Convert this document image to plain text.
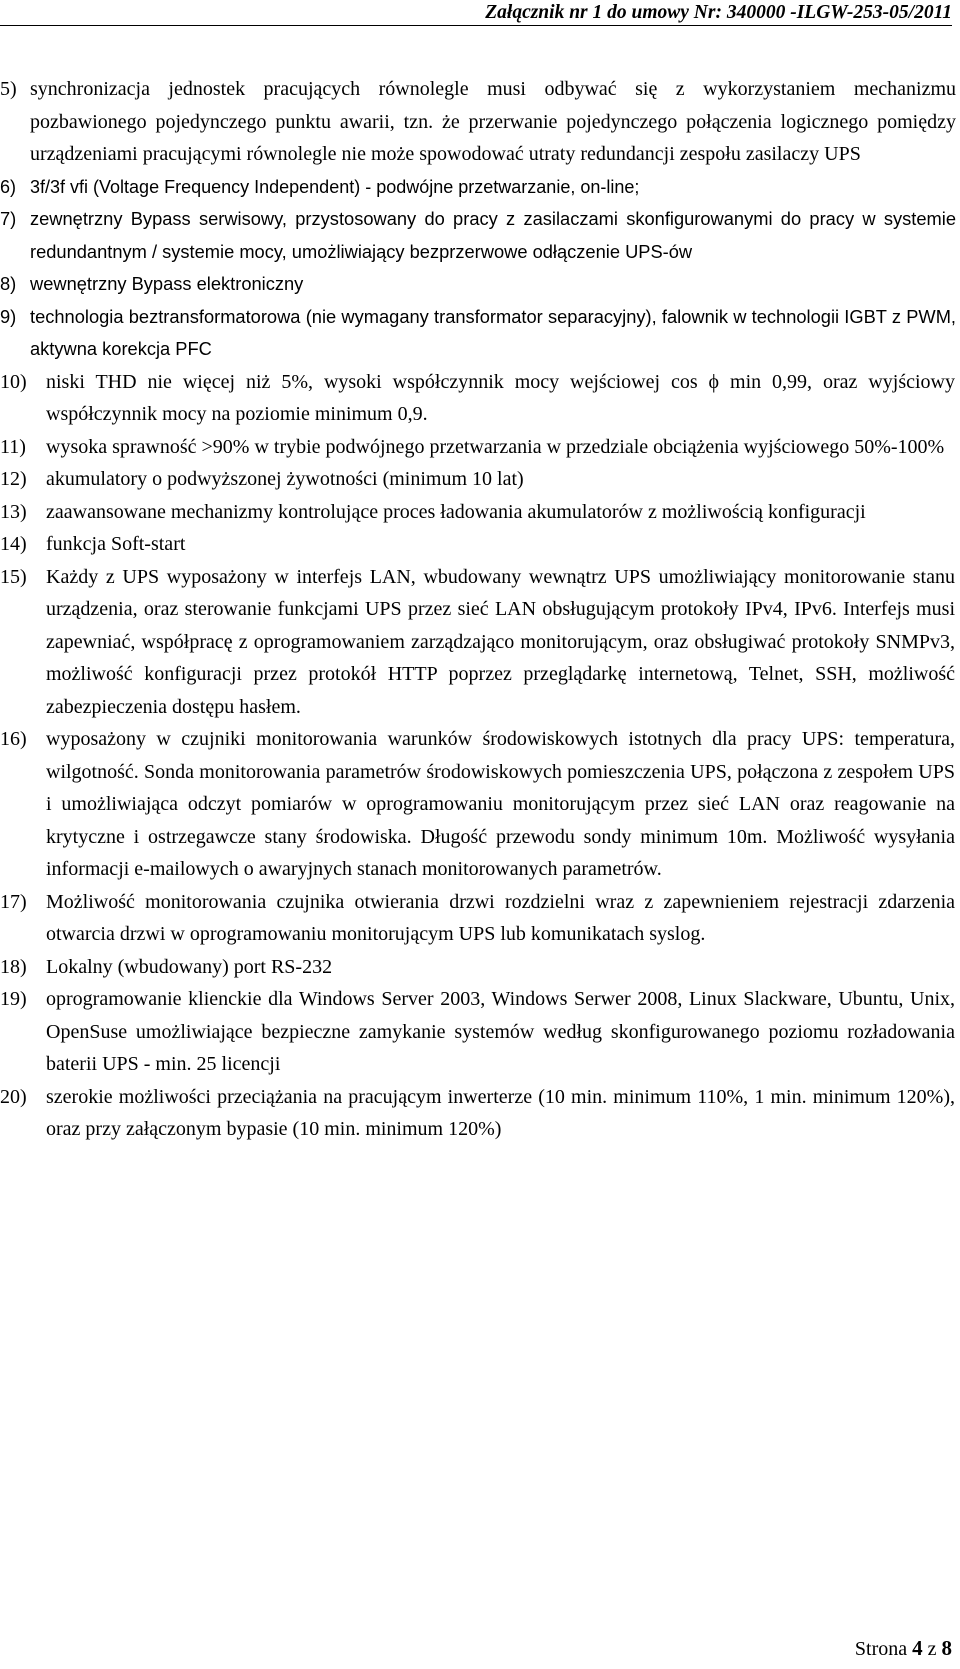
Załącznik nr 1 do umowy Nr: 340000 -ILGW-253-05/2011
5) synchronizacja jednostek pracujących równolegle musi odbywać się z wykorzystaniem mechanizmu pozbawionego pojedynczego punktu awarii, tzn. że przerwanie pojedynczego połączenia logicznego pomiędzy urządzeniami pracującymi równolegle nie może spowodować utraty redundancji zespołu zasilaczy UPS
6) 3f/3f vfi (Voltage Frequency Independent) - podwójne przetwarzanie, on-line;
7) zewnętrzny Bypass serwisowy, przystosowany do pracy z zasilaczami skonfigurowanymi do pracy w systemie redundantnym / systemie mocy, umożliwiający bezprzerwowe odłączenie UPS-ów
8) wewnętrzny Bypass elektroniczny
9) technologia beztransformatorowa (nie wymagany transformator separacyjny), falownik w technologii IGBT z PWM, aktywna korekcja PFC
10) niski THD nie więcej niż 5%, wysoki współczynnik mocy wejściowej cos ϕ min 0,99, oraz wyjściowy współczynnik mocy na poziomie minimum 0,9.
11)	wysoka sprawność >90% w trybie podwójnego przetwarzania w przedziale obciążenia wyjściowego 50%-100%
12) akumulatory o podwyższonej żywotności (minimum 10 lat)
13) zaawansowane mechanizmy kontrolujące proces ładowania akumulatorów z możliwością konfiguracji
14) funkcja Soft-start
15) Każdy z UPS wyposażony w interfejs LAN, wbudowany wewnątrz UPS umożliwiający monitorowanie stanu urządzenia, oraz sterowanie funkcjami UPS przez sieć LAN obsługującym protokoły IPv4, IPv6. Interfejs musi zapewniać, współpracę z oprogramowaniem zarządzająco monitorującym, oraz obsługiwać protokoły SNMPv3, możliwość konfiguracji przez protokół HTTP poprzez przeglądarkę internetową, Telnet, SSH, możliwość zabezpieczenia dostępu hasłem.
16) wyposażony w czujniki monitorowania warunków środowiskowych istotnych dla pracy UPS: temperatura, wilgotność. Sonda monitorowania parametrów środowiskowych pomieszczenia UPS, połączona z zespołem UPS i umożliwiająca odczyt pomiarów w oprogramowaniu monitorującym przez sieć LAN oraz reagowanie na krytyczne i ostrzegawcze stany środowiska. Długość przewodu sondy minimum 10m. Możliwość wysyłania informacji e-mailowych o awaryjnych stanach monitorowanych parametrów.
17) Możliwość monitorowania czujnika otwierania drzwi rozdzielni wraz z zapewnieniem rejestracji zdarzenia otwarcia drzwi w oprogramowaniu monitorującym UPS lub komunikatach syslog.
18) Lokalny (wbudowany) port RS-232
19) oprogramowanie klienckie dla Windows Server 2003, Windows Serwer 2008, Linux Slackware, Ubuntu, Unix, OpenSuse umożliwiające bezpieczne zamykanie systemów według skonfigurowanego poziomu rozładowania baterii UPS - min. 25 licencji
20) szerokie możliwości przeciążania na pracującym inwerterze (10 min. minimum 110%, 1 min. minimum 120%), oraz przy załączonym bypasie (10 min. minimum 120%)
Strona 4 z 8
